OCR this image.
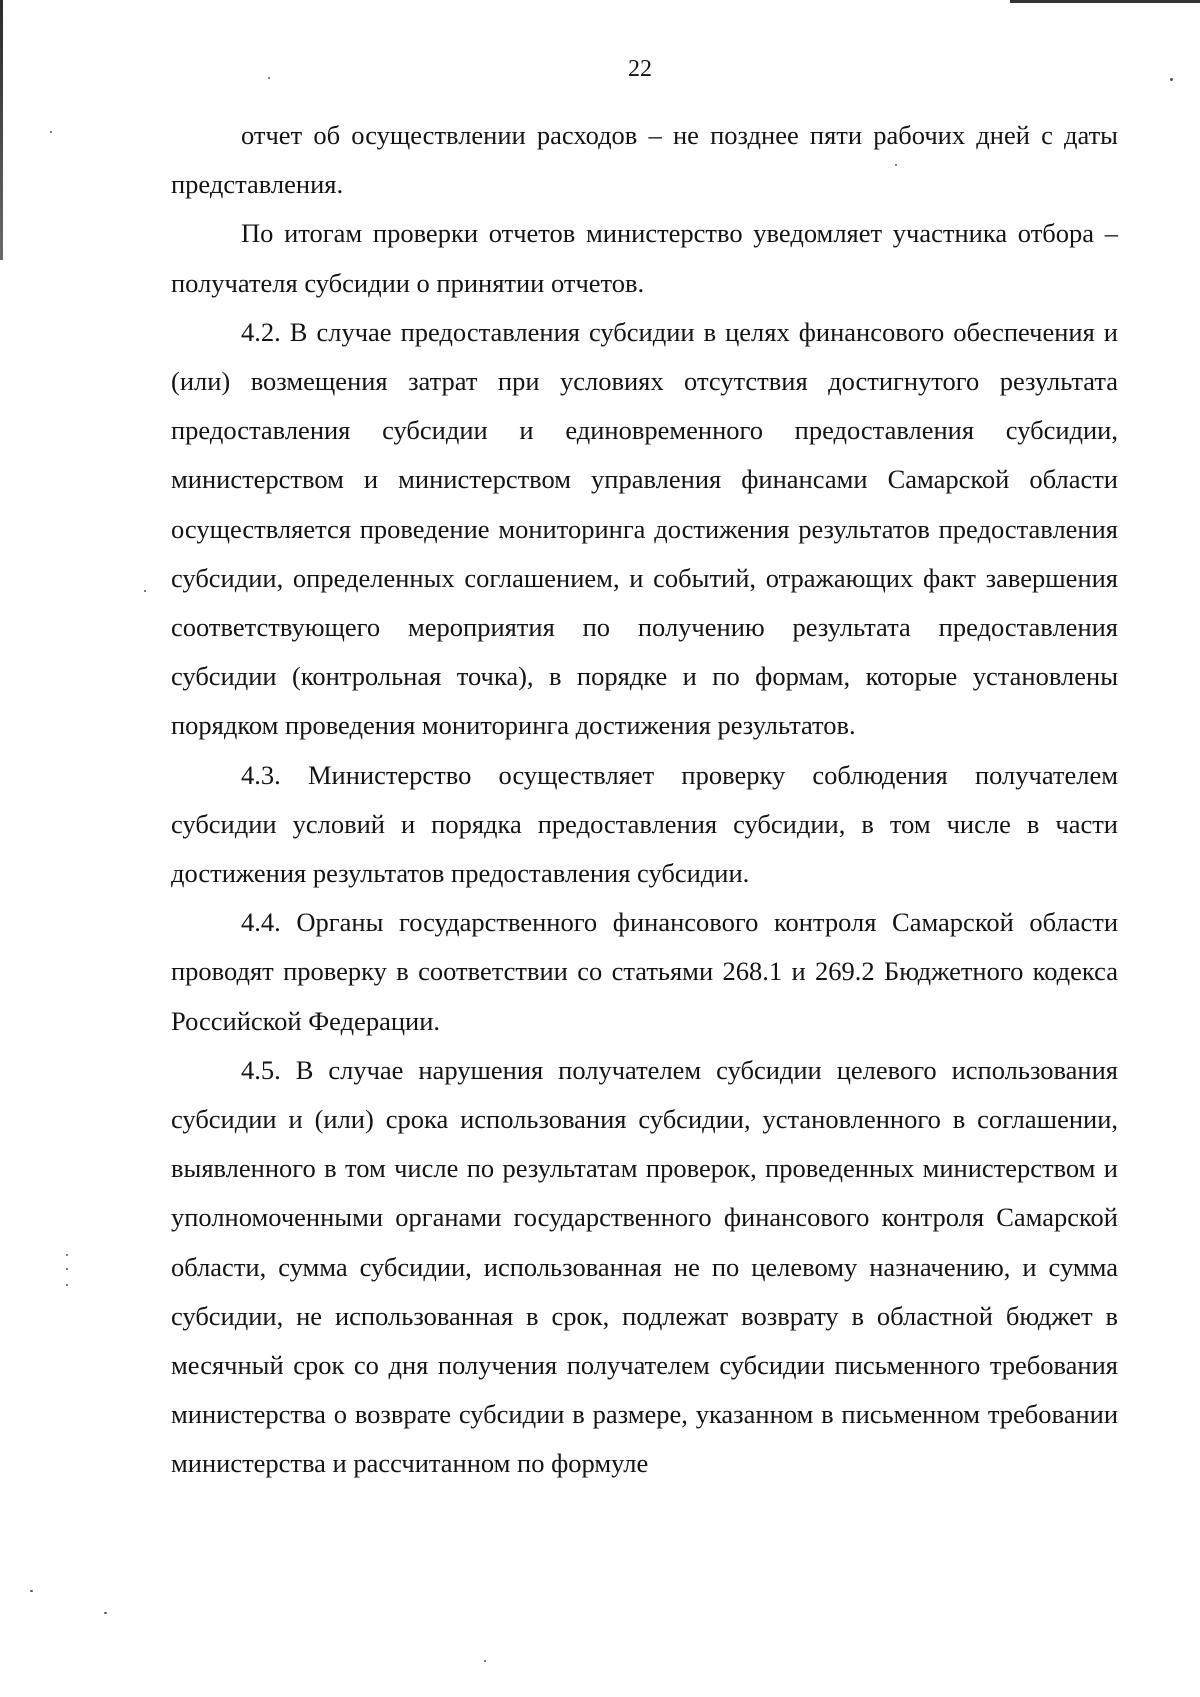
22

отчет об осуществлении расходов – не позднее пяти рабочих дней с даты представления.

По итогам проверки отчетов министерство уведомляет участника отбора – получателя субсидии о принятии отчетов.

4.2. В случае предоставления субсидии в целях финансового обеспечения и (или) возмещения затрат при условиях отсутствия достигнутого результата предоставления субсидии и единовременного предоставления субсидии, министерством и министерством управления финансами Самарской области осуществляется проведение мониторинга достижения результатов предоставления субсидии, определенных соглашением, и событий, отражающих факт завершения соответствующего мероприятия по получению результата предоставления субсидии (контрольная точка), в порядке и по формам, которые установлены порядком проведения мониторинга достижения результатов.

4.3. Министерство осуществляет проверку соблюдения получателем субсидии условий и порядка предоставления субсидии, в том числе в части достижения результатов предоставления субсидии.

4.4. Органы государственного финансового контроля Самарской области проводят проверку в соответствии со статьями 268.1 и 269.2 Бюджетного кодекса Российской Федерации.

4.5. В случае нарушения получателем субсидии целевого использования субсидии и (или) срока использования субсидии, установленного в соглашении, выявленного в том числе по результатам проверок, проведенных министерством и уполномоченными органами государственного финансового контроля Самарской области, сумма субсидии, использованная не по целевому назначению, и сумма субсидии, не использованная в срок, подлежат возврату в областной бюджет в месячный срок со дня получения получателем субсидии письменного требования министерства о возврате субсидии в размере, указанном в письменном требовании министерства и рассчитанном по формуле
